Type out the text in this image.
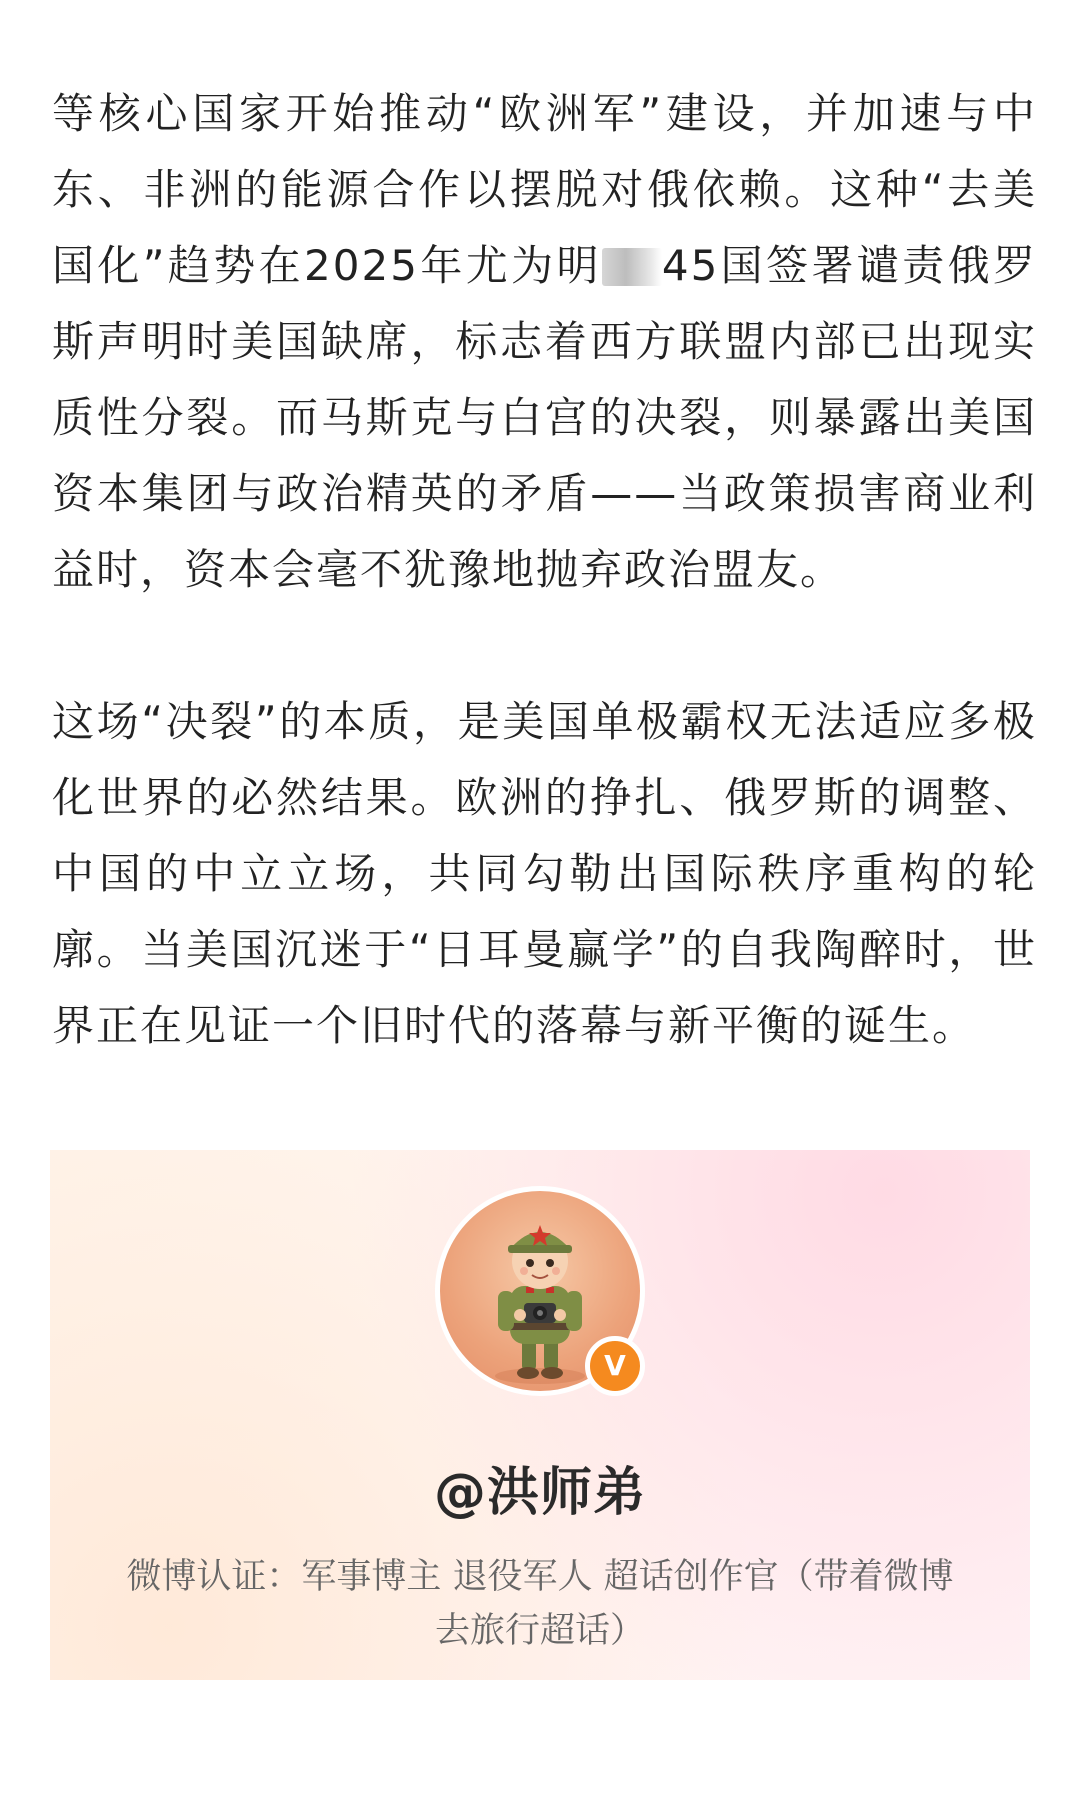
等核心国家开始推动“欧洲军”建设，并加速与中东、非洲的能源合作以摆脱对俄依赖。这种“去美国化”趋势在2025年尤为明 45国签署谴责俄罗斯声明时美国缺席，标志着西方联盟内部已出现实质性分裂。而马斯克与白宫的决裂，则暴露出美国资本集团与政治精英的矛盾——当政策损害商业利益时，资本会毫不犹豫地抛弃政治盟友。

这场“决裂”的本质，是美国单极霸权无法适应多极化世界的必然结果。欧洲的挣扎、俄罗斯的调整、中国的中立立场，共同勾勒出国际秩序重构的轮廓。当美国沉迷于“日耳曼赢学”的自我陶醉时，世界正在见证一个旧时代的落幕与新平衡的诞生。

V
@洪师弟
微博认证：军事博主 退役军人 超话创作官（带着微博去旅行超话）
